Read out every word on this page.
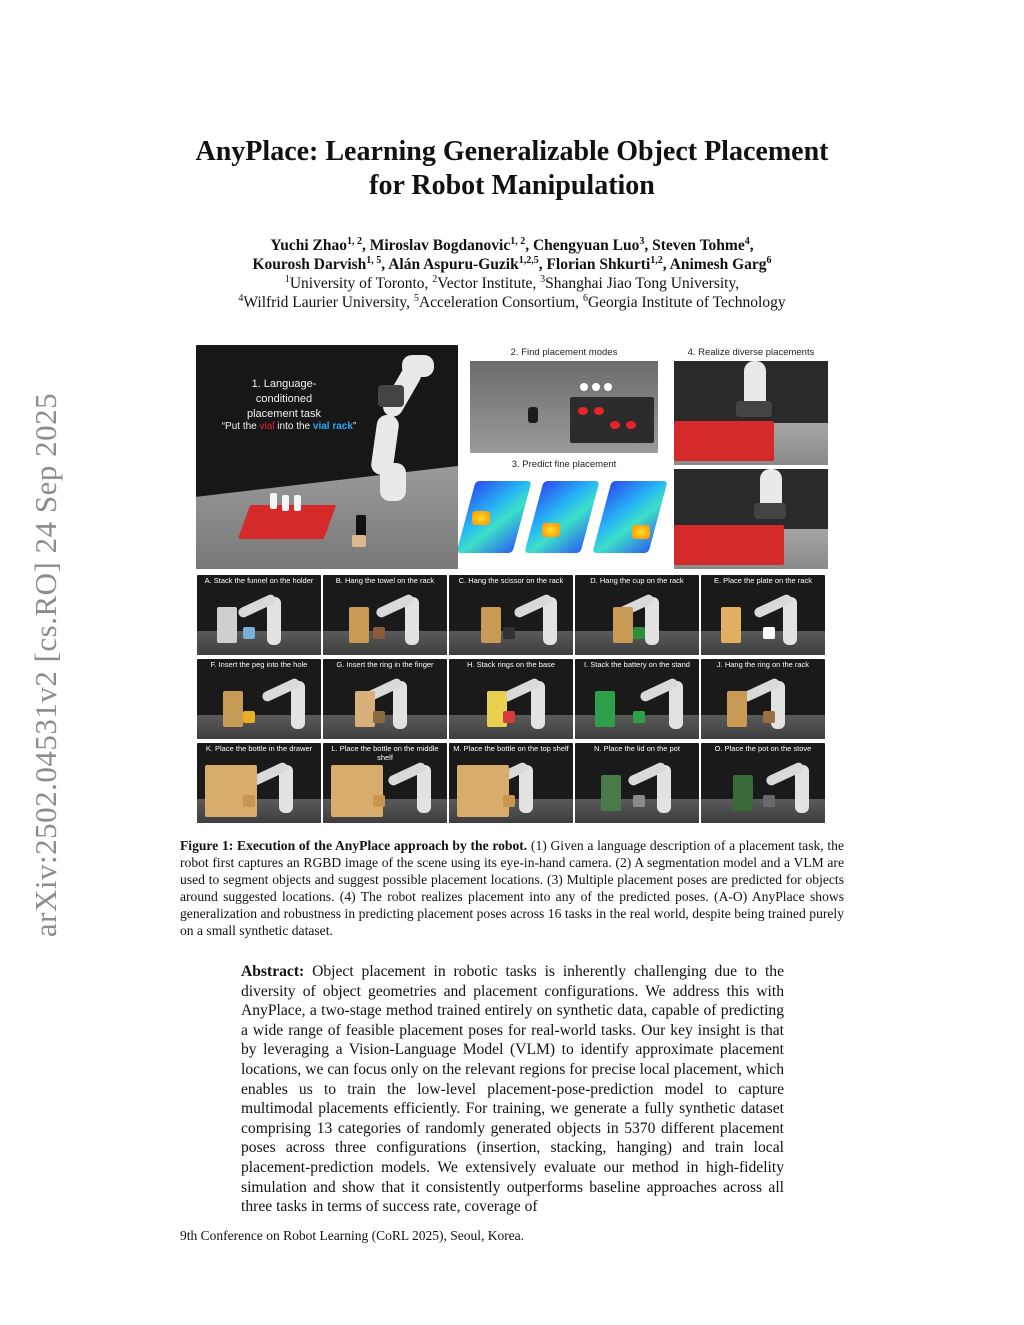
arXiv:2502.04531v2 [cs.RO] 24 Sep 2025
AnyPlace: Learning Generalizable Object Placement
for Robot Manipulation
Yuchi Zhao$^{1, 2}$, Miroslav Bogdanovic$^{1, 2}$, Chengyuan Luo$^3$, Steven Tohme$^4$,
Kourosh Darvish$^{1, 5}$, Alán Aspuru-Guzik$^{1,2,5}$, Florian Shkurti$^{1,2}$, Animesh Garg$^6$
$^1$University of Toronto, $^2$Vector Institute, $^3$Shanghai Jiao Tong University,
$^4$Wilfrid Laurier University, $^5$Acceleration Consortium, $^6$Georgia Institute of Technology
1. Language-conditioned
placement task
“Put the vial into the vial rack”
2. Find placement modes
3. Predict fine placement
4. Realize diverse placements
A. Stack the funnel on the holder	B. Hang the towel on the rack	C. Hang the scissor on the rack	D. Hang the cup on the rack	E. Place the plate on the rack
F. Insert the peg into the hole	G. Insert the ring in the finger	H. Stack rings on the base	I. Stack the battery on the stand	J. Hang the ring on the rack
K. Place the bottle in the drawer	L. Place the bottle on the middle shelf
M. Place the bottle on the top shelf	N. Place the lid on the pot	O. Place the pot on the stove
Figure 1: Execution of the AnyPlace approach by the robot. (1) Given a language description of a placement task, the robot first captures an RGBD image of the scene using its eye-in-hand camera. (2) A segmentation model and a VLM are used to segment objects and suggest possible placement locations. (3) Multiple placement poses are predicted for objects around suggested locations. (4) The robot realizes placement into any of the predicted poses. (A-O) AnyPlace shows generalization and robustness in predicting placement poses across 16 tasks in the real world, despite being trained purely on a small synthetic dataset.
Abstract: Object placement in robotic tasks is inherently challenging due to the diversity of object geometries and placement configurations. We address this with AnyPlace, a two-stage method trained entirely on synthetic data, capable of predicting a wide range of feasible placement poses for real-world tasks. Our key insight is that by leveraging a Vision-Language Model (VLM) to identify approximate placement locations, we can focus only on the relevant regions for precise local placement, which enables us to train the low-level placement-pose-prediction model to capture multimodal placements efficiently. For training, we generate a fully synthetic dataset comprising 13 categories of randomly generated objects in 5370 different placement poses across three configurations (insertion, stacking, hanging) and train local placement-prediction models. We extensively evaluate our method in high-fidelity simulation and show that it consistently outperforms baseline approaches across all three tasks in terms of success rate, coverage of
9th Conference on Robot Learning (CoRL 2025), Seoul, Korea.
